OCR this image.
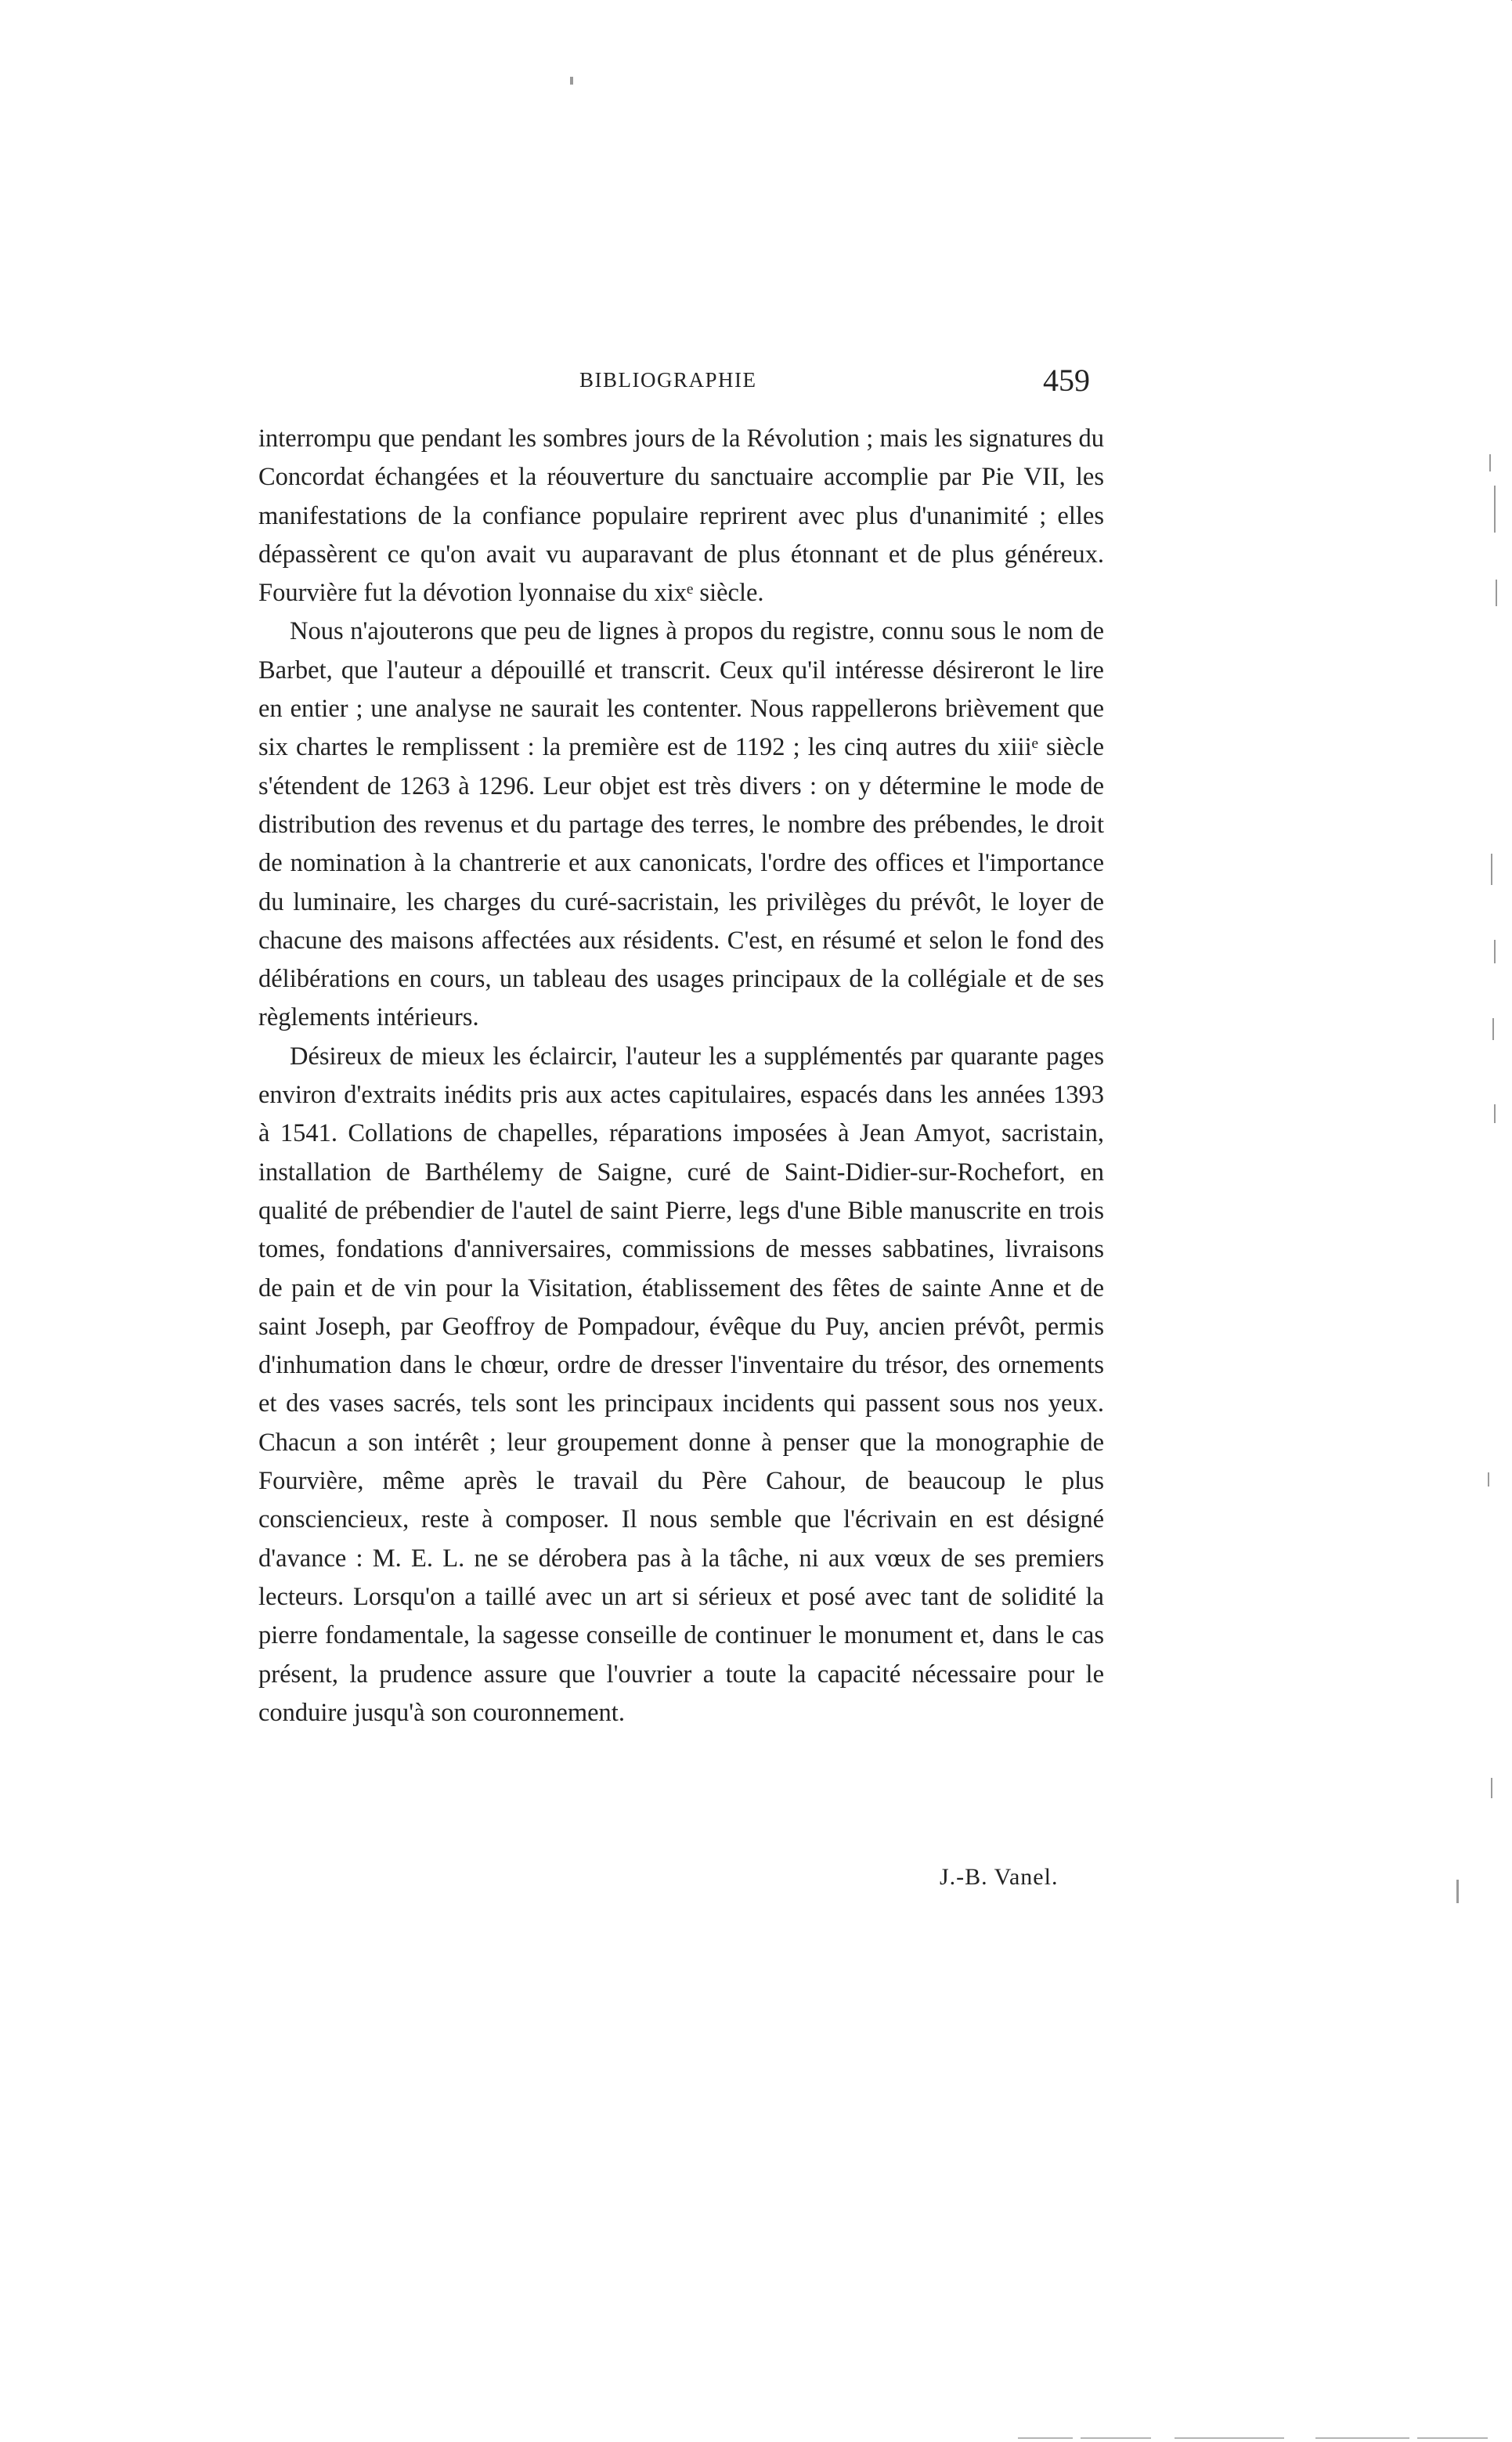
BIBLIOGRAPHIE	459

interrompu que pendant les sombres jours de la Révolution ; mais les signatures du Concordat échangées et la réouverture du sanctuaire accomplie par Pie VII, les manifestations de la confiance populaire reprirent avec plus d'unanimité ; elles dépassèrent ce qu'on avait vu auparavant de plus étonnant et de plus généreux. Fourvière fut la dévotion lyonnaise du xixᵉ siècle.

Nous n'ajouterons que peu de lignes à propos du registre, connu sous le nom de Barbet, que l'auteur a dépouillé et transcrit. Ceux qu'il intéresse désireront le lire en entier ; une analyse ne saurait les contenter. Nous rappellerons brièvement que six chartes le remplissent : la première est de 1192 ; les cinq autres du xiiiᵉ siècle s'étendent de 1263 à 1296. Leur objet est très divers : on y détermine le mode de distribution des revenus et du partage des terres, le nombre des prébendes, le droit de nomination à la chantrerie et aux canonicats, l'ordre des offices et l'importance du luminaire, les charges du curé-sacristain, les privilèges du prévôt, le loyer de chacune des maisons affectées aux résidents. C'est, en résumé et selon le fond des délibérations en cours, un tableau des usages principaux de la collégiale et de ses règlements intérieurs.

Désireux de mieux les éclaircir, l'auteur les a supplémentés par quarante pages environ d'extraits inédits pris aux actes capitulaires, espacés dans les années 1393 à 1541. Collations de chapelles, réparations imposées à Jean Amyot, sacristain, installation de Barthélemy de Saigne, curé de Saint-Didier-sur-Rochefort, en qualité de prébendier de l'autel de saint Pierre, legs d'une Bible manuscrite en trois tomes, fondations d'anniversaires, commissions de messes sabbatines, livraisons de pain et de vin pour la Visitation, établissement des fêtes de sainte Anne et de saint Joseph, par Geoffroy de Pompadour, évêque du Puy, ancien prévôt, permis d'inhumation dans le chœur, ordre de dresser l'inventaire du trésor, des ornements et des vases sacrés, tels sont les principaux incidents qui passent sous nos yeux. Chacun a son intérêt ; leur groupement donne à penser que la monographie de Fourvière, même après le travail du Père Cahour, de beaucoup le plus consciencieux, reste à composer. Il nous semble que l'écrivain en est désigné d'avance : M. E. L. ne se dérobera pas à la tâche, ni aux vœux de ses premiers lecteurs. Lorsqu'on a taillé avec un art si sérieux et posé avec tant de solidité la pierre fondamentale, la sagesse conseille de continuer le monument et, dans le cas présent, la prudence assure que l'ouvrier a toute la capacité nécessaire pour le conduire jusqu'à son couronnement.

J.-B. Vanel.
